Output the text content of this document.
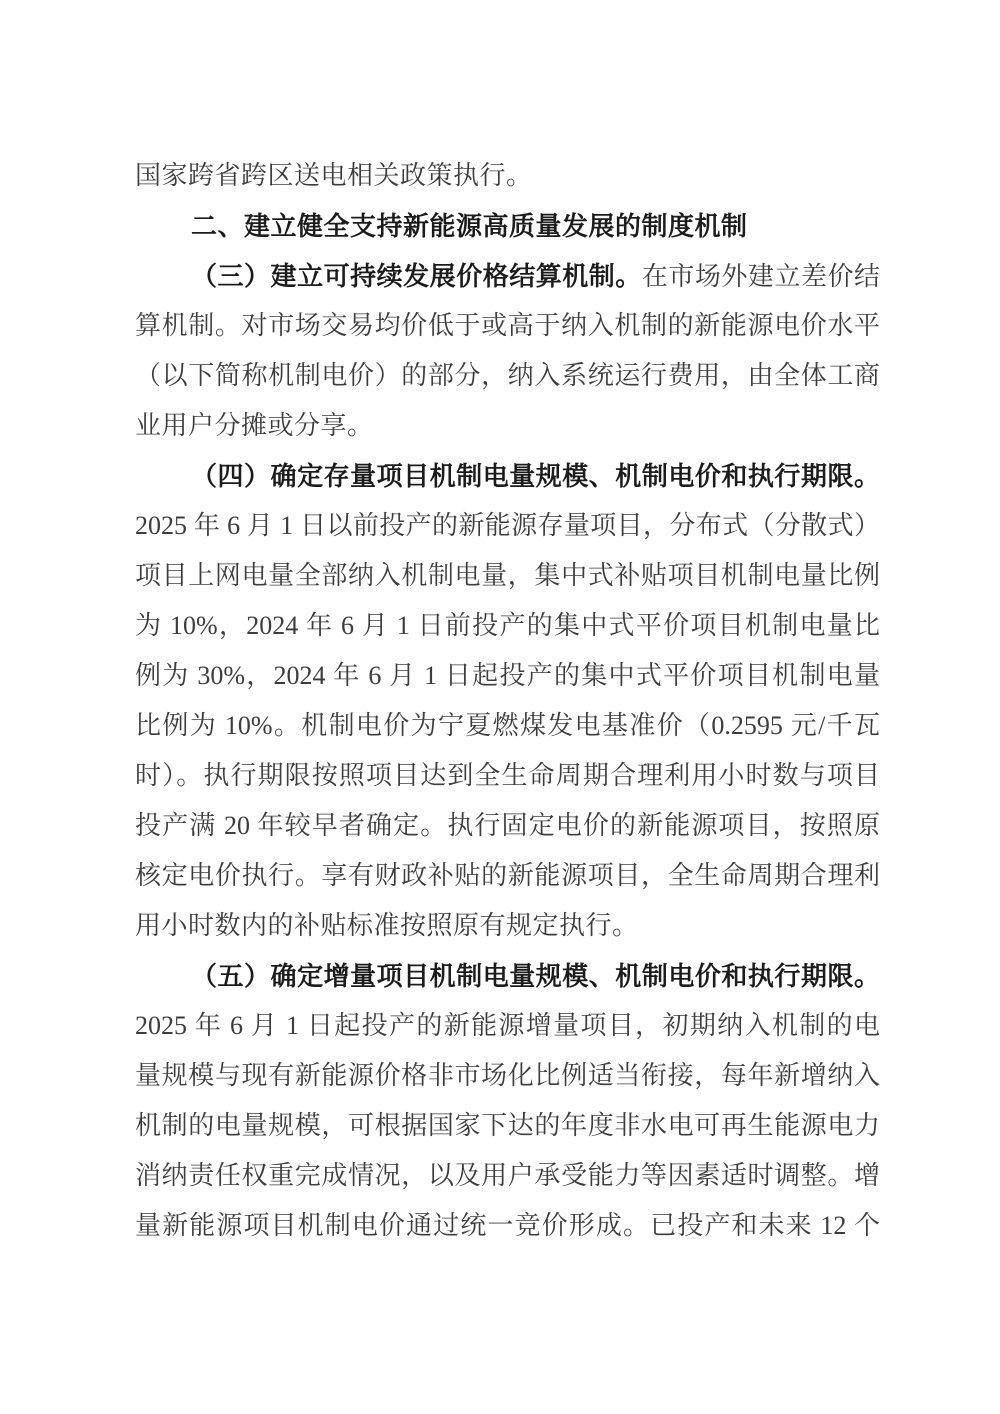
国家跨省跨区送电相关政策执行。
二、建立健全支持新能源高质量发展的制度机制
（三）建立可持续发展价格结算机制。在市场外建立差价结
算机制。对市场交易均价低于或高于纳入机制的新能源电价水平
（以下简称机制电价）的部分，纳入系统运行费用，由全体工商
业用户分摊或分享。
（四）确定存量项目机制电量规模、机制电价和执行期限。
2025 年 6 月 1 日以前投产的新能源存量项目，分布式（分散式）
项目上网电量全部纳入机制电量，集中式补贴项目机制电量比例
为 10%，2024 年 6 月 1 日前投产的集中式平价项目机制电量比
例为 30%，2024 年 6 月 1 日起投产的集中式平价项目机制电量
比例为 10%。机制电价为宁夏燃煤发电基准价（0.2595 元/千瓦
时）。执行期限按照项目达到全生命周期合理利用小时数与项目
投产满 20 年较早者确定。执行固定电价的新能源项目，按照原
核定电价执行。享有财政补贴的新能源项目，全生命周期合理利
用小时数内的补贴标准按照原有规定执行。
（五）确定增量项目机制电量规模、机制电价和执行期限。
2025 年 6 月 1 日起投产的新能源增量项目，初期纳入机制的电
量规模与现有新能源价格非市场化比例适当衔接，每年新增纳入
机制的电量规模，可根据国家下达的年度非水电可再生能源电力
消纳责任权重完成情况，以及用户承受能力等因素适时调整。增
量新能源项目机制电价通过统一竞价形成。已投产和未来 12 个
